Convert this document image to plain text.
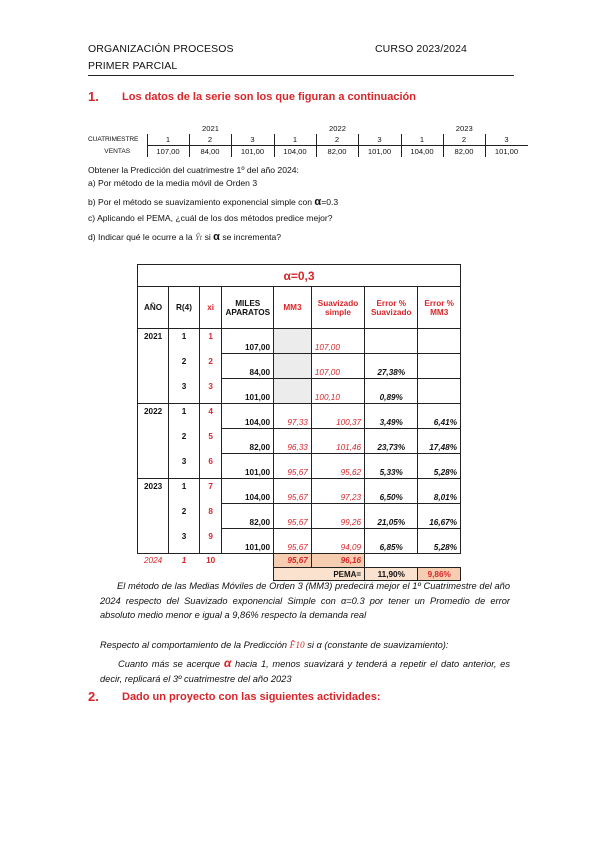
ORGANIZACIÓN PROCESOS
PRIMER PARCIAL
CURSO 2023/2024
1. Los datos de la serie son los que figuran a continuación
	2021			2022			2023		
CUATRIMESTRE	1	2	3	1	2	3	1	2	3
VENTAS	107,00	84,00	101,00	104,00	82,00	101,00	104,00	82,00	101,00
Obtener la Predicción del cuatrimestre 1º del año 2024:
a) Por método de la media móvil de Orden 3
b) Por el método se suavizamiento exponencial simple con α=0.3
c) Aplicando el PEMA, ¿cuál de los dos métodos predice mejor?
d) Indicar qué le ocurre a la Ŷt si α se incrementa?
α=0,3							
AÑO	R(4)	xi	MILES APARATOS	MM3	Suavizado simple	Error % Suavizado	Error % MM3
2021	1	1	107,00		107,00		
	2	2	84,00		107,00	27,38%	
	3	3	101,00		100,10	0,89%	
2022	1	4	104,00	97,33	100,37	3,49%	6,41%
	2	5	82,00	96,33	101,46	23,73%	17,48%
	3	6	101,00	95,67	95,62	5,33%	5,28%
2023	1	7	104,00	95,67	97,23	6,50%	8,01%
	2	8	82,00	95,67	99,26	21,05%	16,67%
	3	9	101,00	95,67	94,09	6,85%	5,28%
2024	1	10		95,67	96,16		
				PEMA=		11,90%	9,86%
El método de las Medias Móviles de Orden 3 (MM3) predecirá mejor el 1º Cuatrimestre del año 2024 respecto del Suavizado exponencial Simple con α=0.3 por tener un Promedio de error absoluto medio menor e igual a 9,86% respecto la demanda real
Respecto al comportamiento de la Predicción F̂10 si α (constante de suavizamiento):
Cuanto más se acerque α hacia 1, menos suavizará y tenderá a repetir el dato anterior, es decir, replicará el 3º cuatrimestre del año 2023
2. Dado un proyecto con las siguientes actividades:
